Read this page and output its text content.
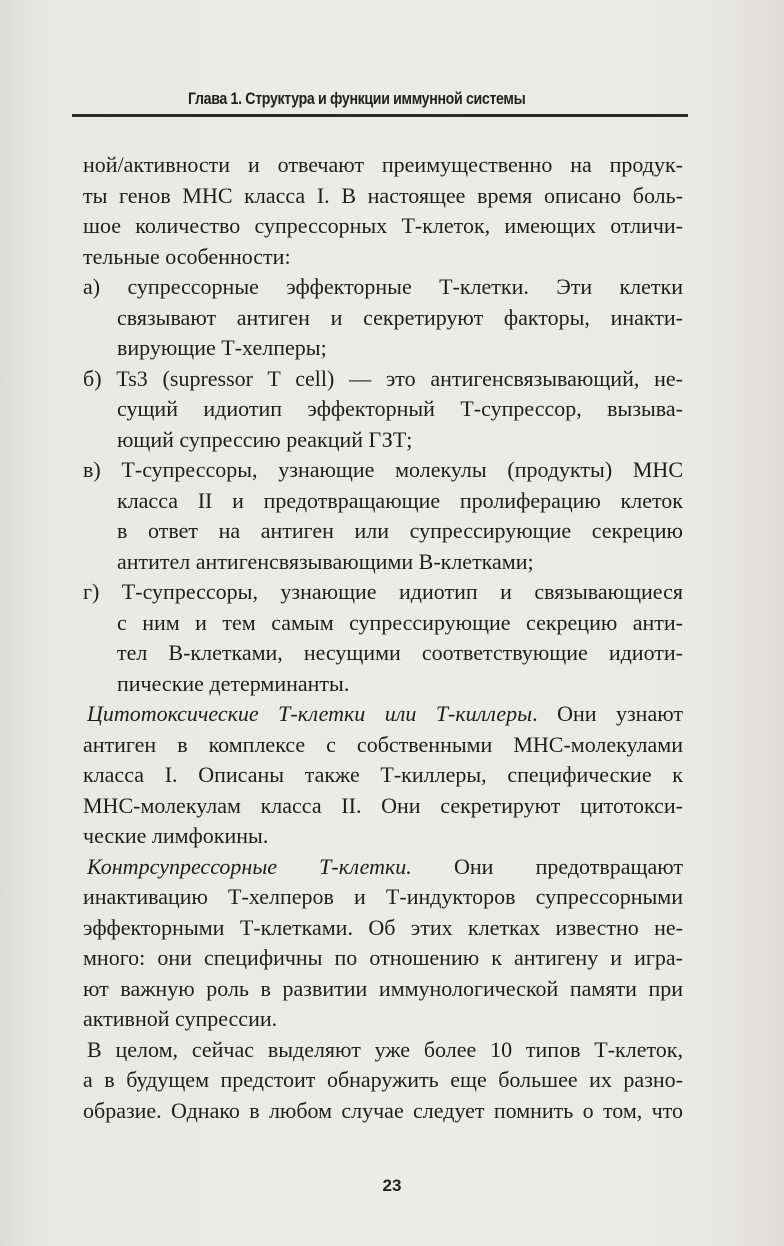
Глава 1. Структура и функции иммунной системы
ной/активности и отвечают преимущественно на продук-
ты генов МНС класса I. В настоящее время описано боль-
шое количество супрессорных Т-клеток, имеющих отличи-
тельные особенности:
а) супрессорные эффекторные Т-клетки. Эти клетки
связывают антиген и секретируют факторы, инакти-
вирующие Т-хелперы;
б) Ts3 (supressor T cell) — это антигенсвязывающий, не-
сущий идиотип эффекторный Т-супрессор, вызыва-
ющий супрессию реакций ГЗТ;
в) Т-супрессоры, узнающие молекулы (продукты) МНС
класса II и предотвращающие пролиферацию клеток
в ответ на антиген или супрессирующие секрецию
антител антигенсвязывающими В-клетками;
г) Т-супрессоры, узнающие идиотип и связывающиеся
с ним и тем самым супрессирующие секрецию анти-
тел В-клетками, несущими соответствующие идиоти-
пические детерминанты.
Цитотоксические Т-клетки или Т-киллеры. Они узнают
антиген в комплексе с собственными МНС-молекулами
класса I. Описаны также Т-киллеры, специфические к
МНС-молекулам класса II. Они секретируют цитотокси-
ческие лимфокины.
Контрсупрессорные Т-клетки. Они предотвращают
инактивацию Т-хелперов и Т-индукторов супрессорными
эффекторными Т-клетками. Об этих клетках известно не-
много: они специфичны по отношению к антигену и игра-
ют важную роль в развитии иммунологической памяти при
активной супрессии.
В целом, сейчас выделяют уже более 10 типов Т-клеток,
а в будущем предстоит обнаружить еще большее их разно-
образие. Однако в любом случае следует помнить о том, что
23
